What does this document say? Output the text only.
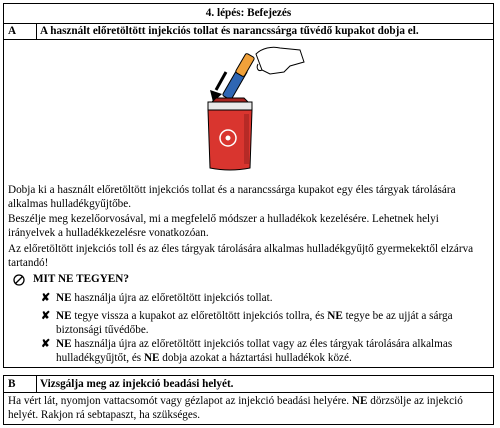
4. lépés: Befejezés
A A használt előretöltött injekciós tollat és narancssárga tűvédő kupakot dobja el.
Dobja ki a használt előretöltött injekciós tollat és a narancssárga kupakot egy éles tárgyak tárolására alkalmas hulladékgyűjtőbe.
Beszélje meg kezelőorvosával, mi a megfelelő módszer a hulladékok kezelésére. Lehetnek helyi irányelvek a hulladékkezelésre vonatkozóan.
Az előretöltött injekciós toll és az éles tárgyak tárolására alkalmas hulladékgyűjtő gyermekektől elzárva tartandó!
MIT NE TEGYEN?
✘ NE használja újra az előretöltött injekciós tollat.
✘ NE tegye vissza a kupakot az előretöltött injekciós tollra, és NE tegye be az ujját a sárga biztonsági tűvédőbe.
✘ NE használja újra az előretöltött injekciós tollat vagy az éles tárgyak tárolására alkalmas hulladékgyűjtőt, és NE dobja azokat a háztartási hulladékok közé.
B Vizsgálja meg az injekció beadási helyét.
Ha vért lát, nyomjon vattacsomót vagy gézlapot az injekció beadási helyére. NE dörzsölje az injekció helyét. Rakjon rá sebtapaszt, ha szükséges.
